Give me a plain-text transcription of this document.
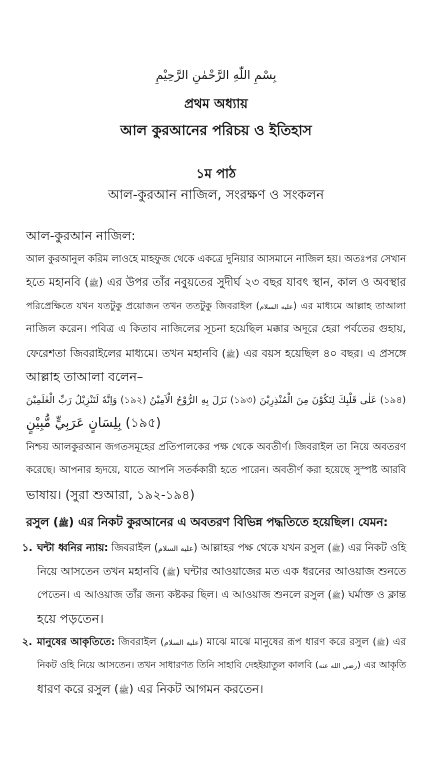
بِسْمِ اللّٰهِ الرَّحْمٰنِ الرَّحِيْمِ
প্রথম অধ্যায়
আল কুরআনের পরিচয় ও ইতিহাস
১ম পাঠ
আল-কুরআন নাজিল, সংরক্ষণ ও সংকলন
আল-কুরআন নাজিল:
আল কুরআনুল করিম লাওহে মাহফুজ থেকে একত্রে দুনিয়ার আসমানে নাজিল হয়। অতঃপর সেখান
হতে মহানবি (ﷺ) এর উপর তাঁর নবুয়তের সুদীর্ঘ ২৩ বছর যাবৎ স্থান, কাল ও অবস্থার
পরিপ্রেক্ষিতে যখন যতটুকু প্রয়োজন তখন ততটুকু জিবরাইল (عليه السلام) এর মাধ্যমে আল্লাহ তাআলা
নাজিল করেন। পবিত্র এ কিতাব নাজিলের সূচনা হয়েছিল মক্কার অদূরে হেরা পর্বতের গুহায়,
ফেরেশতা জিবরাইলের মাধ্যমে। তখন মহানবি (ﷺ) এর বয়স হয়েছিল ৪০ বছর। এ প্রসঙ্গে
আল্লাহ তাআলা বলেন–
وَاِنَّهٗ لَتَنْزِيْلُ رَبِّ الْعٰلَمِيْنَ (১৯২) نَزَلَ بِهِ الرُّوْحُ الْاَمِيْنُ (১৯৩) عَلٰى قَلْبِكَ لِتَكُوْنَ مِنَ الْمُنْذِرِيْنَ (১৯৪)
بِلِسَانٍ عَرَبِيٍّ مُّبِيْنٍ (১৯৫)
নিশ্চয় আলকুরআন জগতসমূহের প্রতিপালকের পক্ষ থেকে অবতীর্ণ। জিবরাইল তা নিয়ে অবতরণ
করেছে। আপনার হৃদয়ে, যাতে আপনি সতর্ককারী হতে পারেন। অবতীর্ণ করা হয়েছে সুস্পষ্ট আরবি
ভাষায়। (সুরা শুআরা, ১৯২-১৯৪)
রসুল (ﷺ) এর নিকট কুরআনের এ অবতরণ বিভিন্ন পদ্ধতিতে হয়েছিল। যেমন:
১. ঘন্টা ধ্বনির ন্যায়: জিবরাইল (عليه السلام) আল্লাহর পক্ষ থেকে যখন রসুল (ﷺ) এর নিকট ওহি
নিয়ে আসতেন তখন মহানবি (ﷺ) ঘন্টার আওয়াজের মত এক ধরনের আওয়াজ শুনতে
পেতেন। এ আওয়াজ তাঁর জন্য কষ্টকর ছিল। এ আওয়াজ শুনলে রসুল (ﷺ) ঘর্মাক্ত ও ক্লান্ত
হয়ে পড়তেন।
২. মানুষের আকৃতিতে: জিবরাইল (عليه السلام) মাঝে মাঝে মানুষের রূপ ধারণ করে রসুল (ﷺ) এর
নিকট ওহি নিয়ে আসতেন। তখন সাধারণত তিনি সাহাবি দেহইয়াতুল কালবি (رضي الله عنه) এর আকৃতি
ধারণ করে রসুল (ﷺ) এর নিকট আগমন করতেন।
